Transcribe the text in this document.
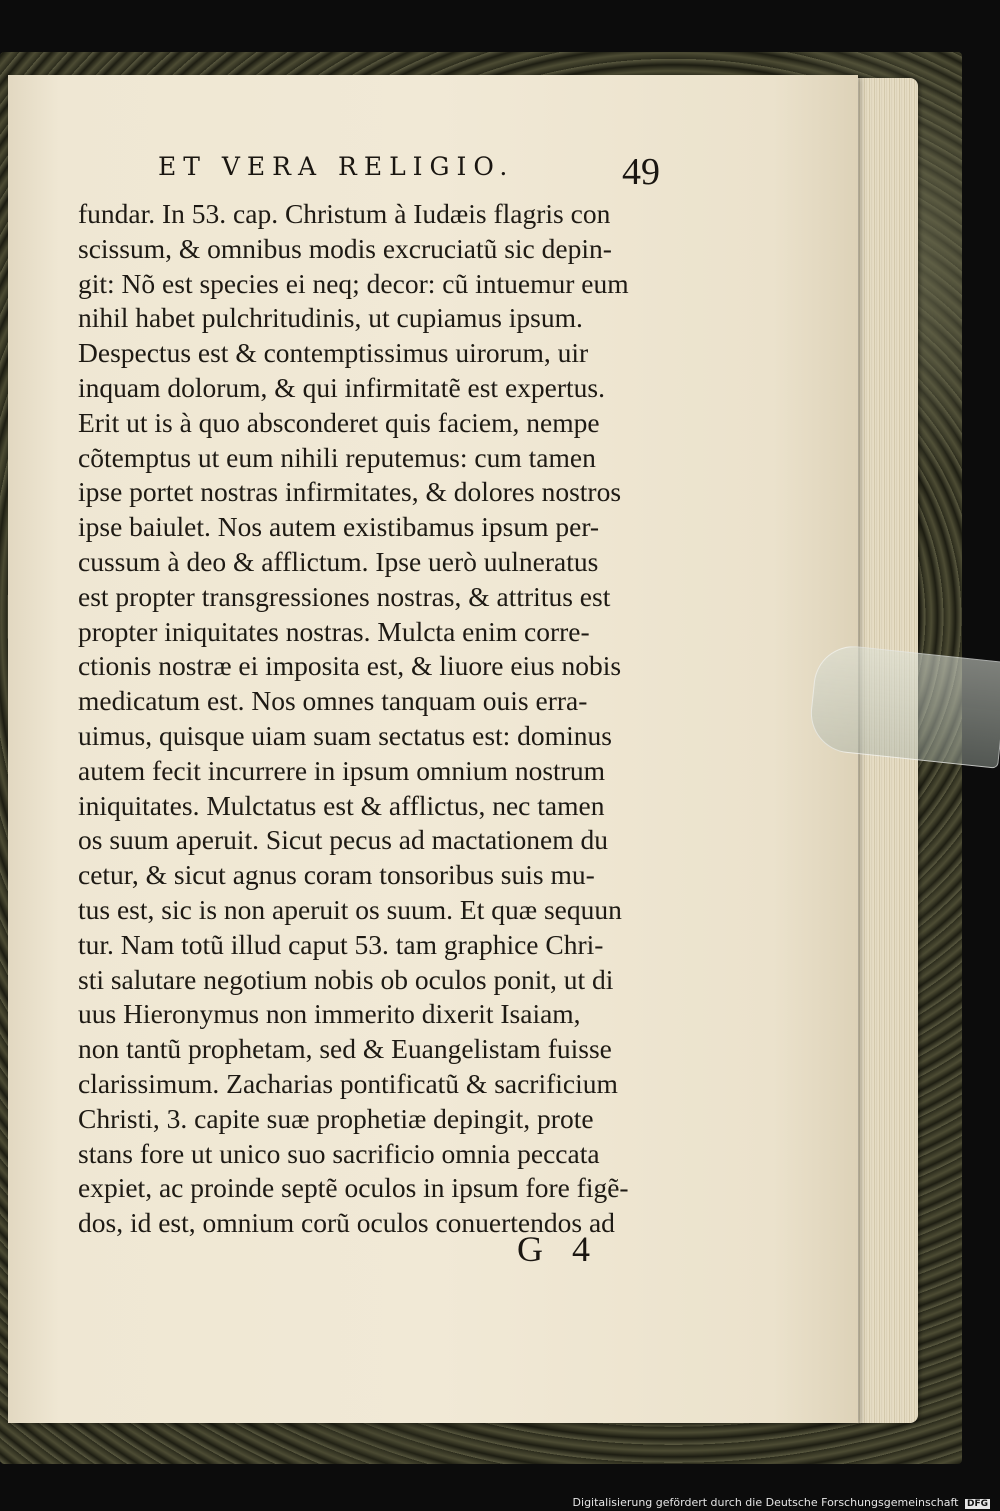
ET VERA RELIGIO.	49
fundar. In 53. cap. Christum à Iudæis flagris con
scissum, & omnibus modis excruciatũ sic depin-
git: Nõ est species ei neq; decor: cũ intuemur eum
nihil habet pulchritudinis, ut cupiamus ipsum.
Despectus est & contemptissimus uirorum, uir
inquam dolorum, & qui infirmitatẽ est expertus.
Erit ut is à quo absconderet quis faciem, nempe
cõtemptus ut eum nihili reputemus: cum tamen
ipse portet nostras infirmitates, & dolores nostros
ipse baiulet. Nos autem existibamus ipsum per-
cussum à deo & afflictum. Ipse uerò uulneratus
est propter transgressiones nostras, & attritus est
propter iniquitates nostras. Mulcta enim corre-
ctionis nostræ ei imposita est, & liuore eius nobis
medicatum est. Nos omnes tanquam ouis erra-
uimus, quisque uiam suam sectatus est: dominus
autem fecit incurrere in ipsum omnium nostrum
iniquitates. Mulctatus est & afflictus, nec tamen
os suum aperuit. Sicut pecus ad mactationem du
cetur, & sicut agnus coram tonsoribus suis mu-
tus est, sic is non aperuit os suum. Et quæ sequun
tur. Nam totũ illud caput 53. tam graphice Chri-
sti salutare negotium nobis ob oculos ponit, ut di
uus Hieronymus non immerito dixerit Isaiam,
non tantũ prophetam, sed & Euangelistam fuisse
clarissimum. Zacharias pontificatũ & sacrificium
Christi, 3. capite suæ prophetiæ depingit, prote
stans fore ut unico suo sacrificio omnia peccata
expiet, ac proinde septẽ oculos in ipsum fore figẽ-
dos, id est, omnium corũ oculos conuertendos ad
G 4
Digitalisierung gefördert durch die Deutsche Forschungsgemeinschaft DFG
